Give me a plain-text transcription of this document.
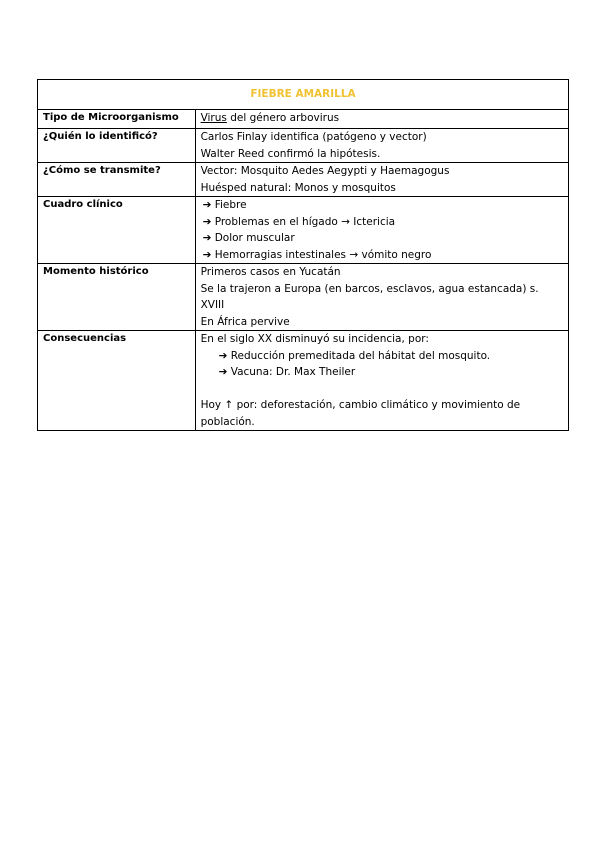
FIEBRE AMARILLA	
Tipo de Microorganismo	Virus del género arbovirus

¿Quién lo identificó?	Carlos Finlay identifica (patógeno y vector)
Walter Reed confirmó la hipótesis.

¿Cómo se transmite?	Vector: Mosquito Aedes Aegypti y Haemagogus
Huésped natural: Monos y mosquitos

Cuadro clínico	➔ Fiebre
➔ Problemas en el hígado → Ictericia
➔ Dolor muscular
➔ Hemorragias intestinales → vómito negro

Momento histórico	Primeros casos en Yucatán
Se la trajeron a Europa (en barcos, esclavos, agua estancada) s. XVIII
En África pervive

Consecuencias	En el siglo XX disminuyó su incidencia, por:
➔ Reducción premeditada del hábitat del mosquito.
➔ Vacuna: Dr. Max Theiler
Hoy ↑ por: deforestación, cambio climático y movimiento de población.
